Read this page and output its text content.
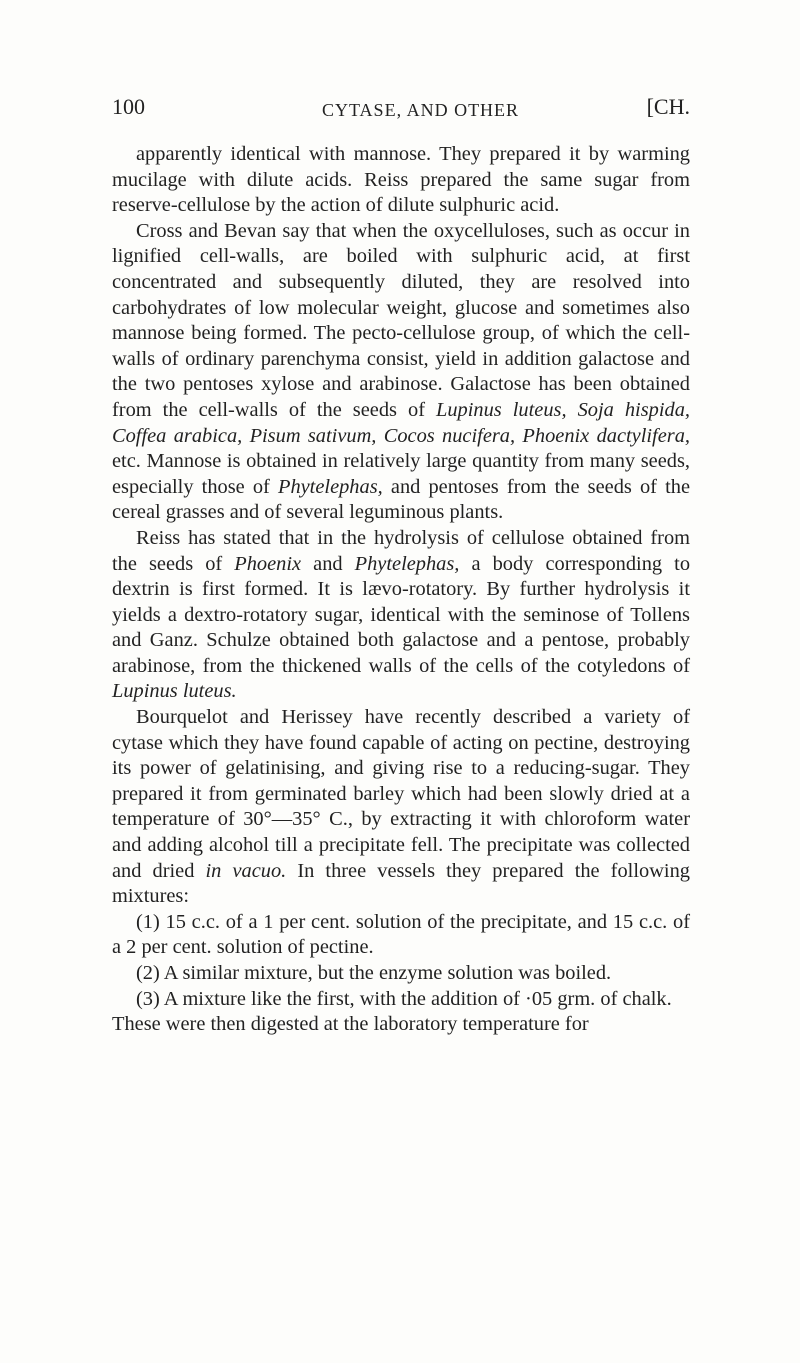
100	CYTASE, AND OTHER	[CH.

apparently identical with mannose. They prepared it by warming mucilage with dilute acids. Reiss prepared the same sugar from reserve-cellulose by the action of dilute sulphuric acid.

Cross and Bevan say that when the oxycelluloses, such as occur in lignified cell-walls, are boiled with sulphuric acid, at first concentrated and subsequently diluted, they are resolved into carbohydrates of low molecular weight, glucose and sometimes also mannose being formed. The pecto-cellulose group, of which the cell-walls of ordinary parenchyma consist, yield in addition galactose and the two pentoses xylose and arabinose. Galactose has been obtained from the cell-walls of the seeds of Lupinus luteus, Soja hispida, Coffea arabica, Pisum sativum, Cocos nucifera, Phoenix dactylifera, etc. Mannose is obtained in relatively large quantity from many seeds, especially those of Phytelephas, and pentoses from the seeds of the cereal grasses and of several leguminous plants.

Reiss has stated that in the hydrolysis of cellulose obtained from the seeds of Phoenix and Phytelephas, a body corresponding to dextrin is first formed. It is lævo-rotatory. By further hydrolysis it yields a dextro-rotatory sugar, identical with the seminose of Tollens and Ganz. Schulze obtained both galactose and a pentose, probably arabinose, from the thickened walls of the cells of the cotyledons of Lupinus luteus.

Bourquelot and Herissey have recently described a variety of cytase which they have found capable of acting on pectine, destroying its power of gelatinising, and giving rise to a reducing-sugar. They prepared it from germinated barley which had been slowly dried at a temperature of 30°—35° C., by extracting it with chloroform water and adding alcohol till a precipitate fell. The precipitate was collected and dried in vacuo. In three vessels they prepared the following mixtures:

(1) 15 c.c. of a 1 per cent. solution of the precipitate, and 15 c.c. of a 2 per cent. solution of pectine.

(2) A similar mixture, but the enzyme solution was boiled.

(3) A mixture like the first, with the addition of ·05 grm. of chalk.

These were then digested at the laboratory temperature for
